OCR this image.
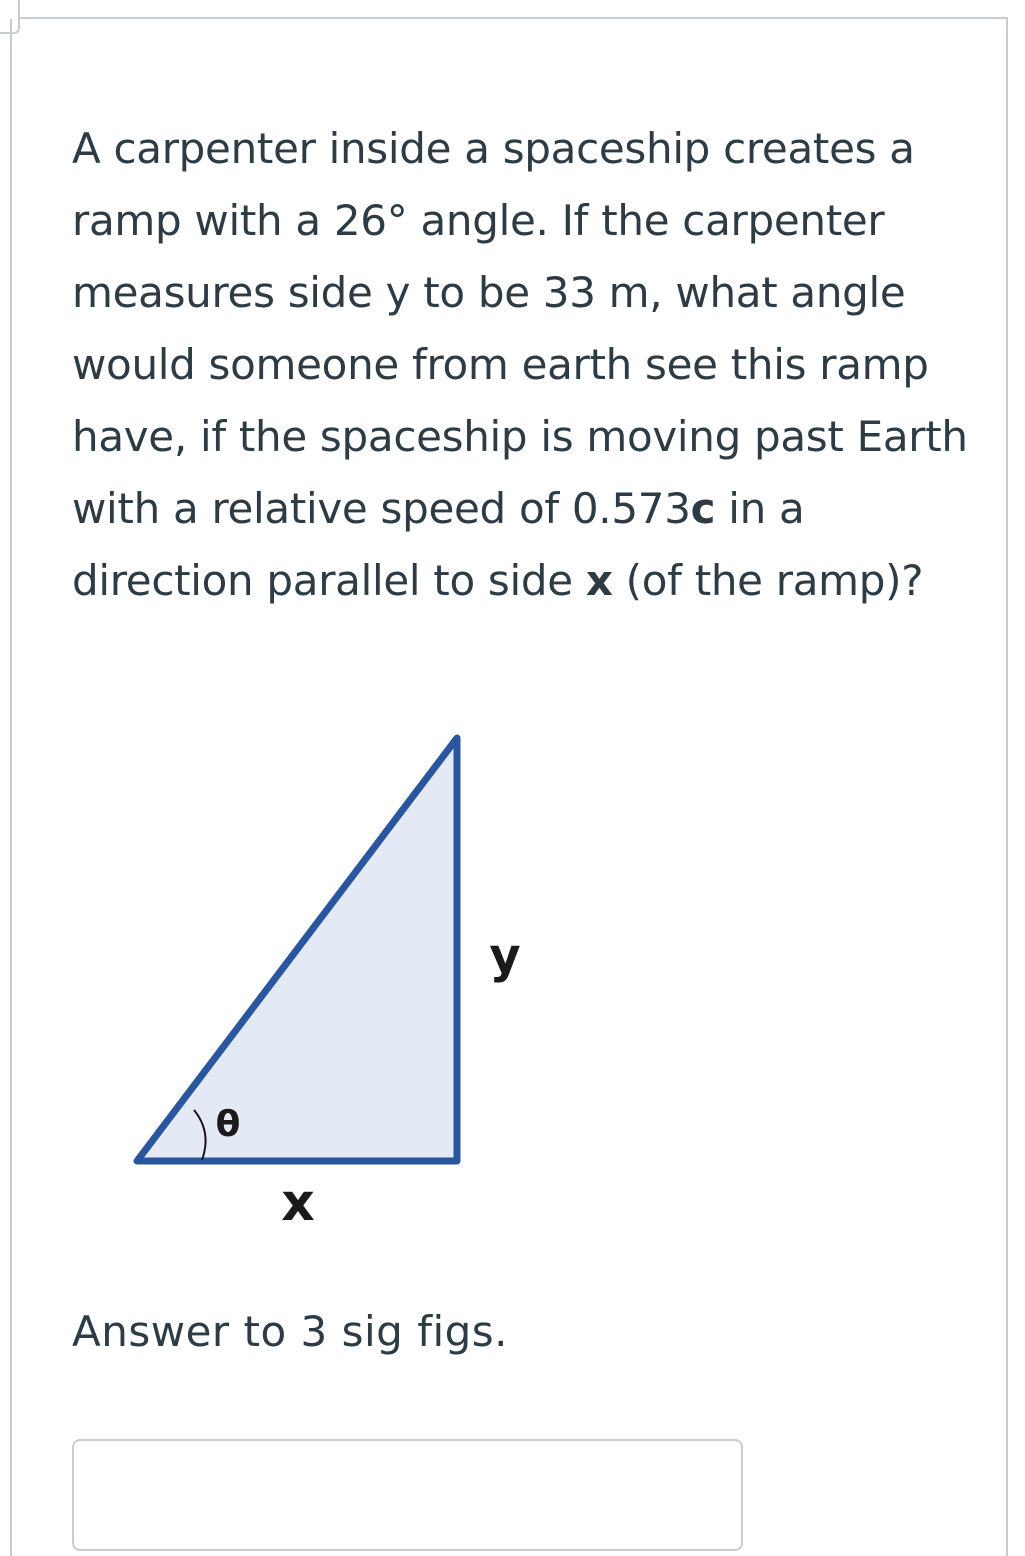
A carpenter inside a spaceship creates a
ramp with a 26° angle. If the carpenter
measures side y to be 33 m, what angle
would someone from earth see this ramp
have, if the spaceship is moving past Earth
with a relative speed of 0.573c in a
direction parallel to side x (of the ramp)?

θ
y
x

Answer to 3 sig figs.
